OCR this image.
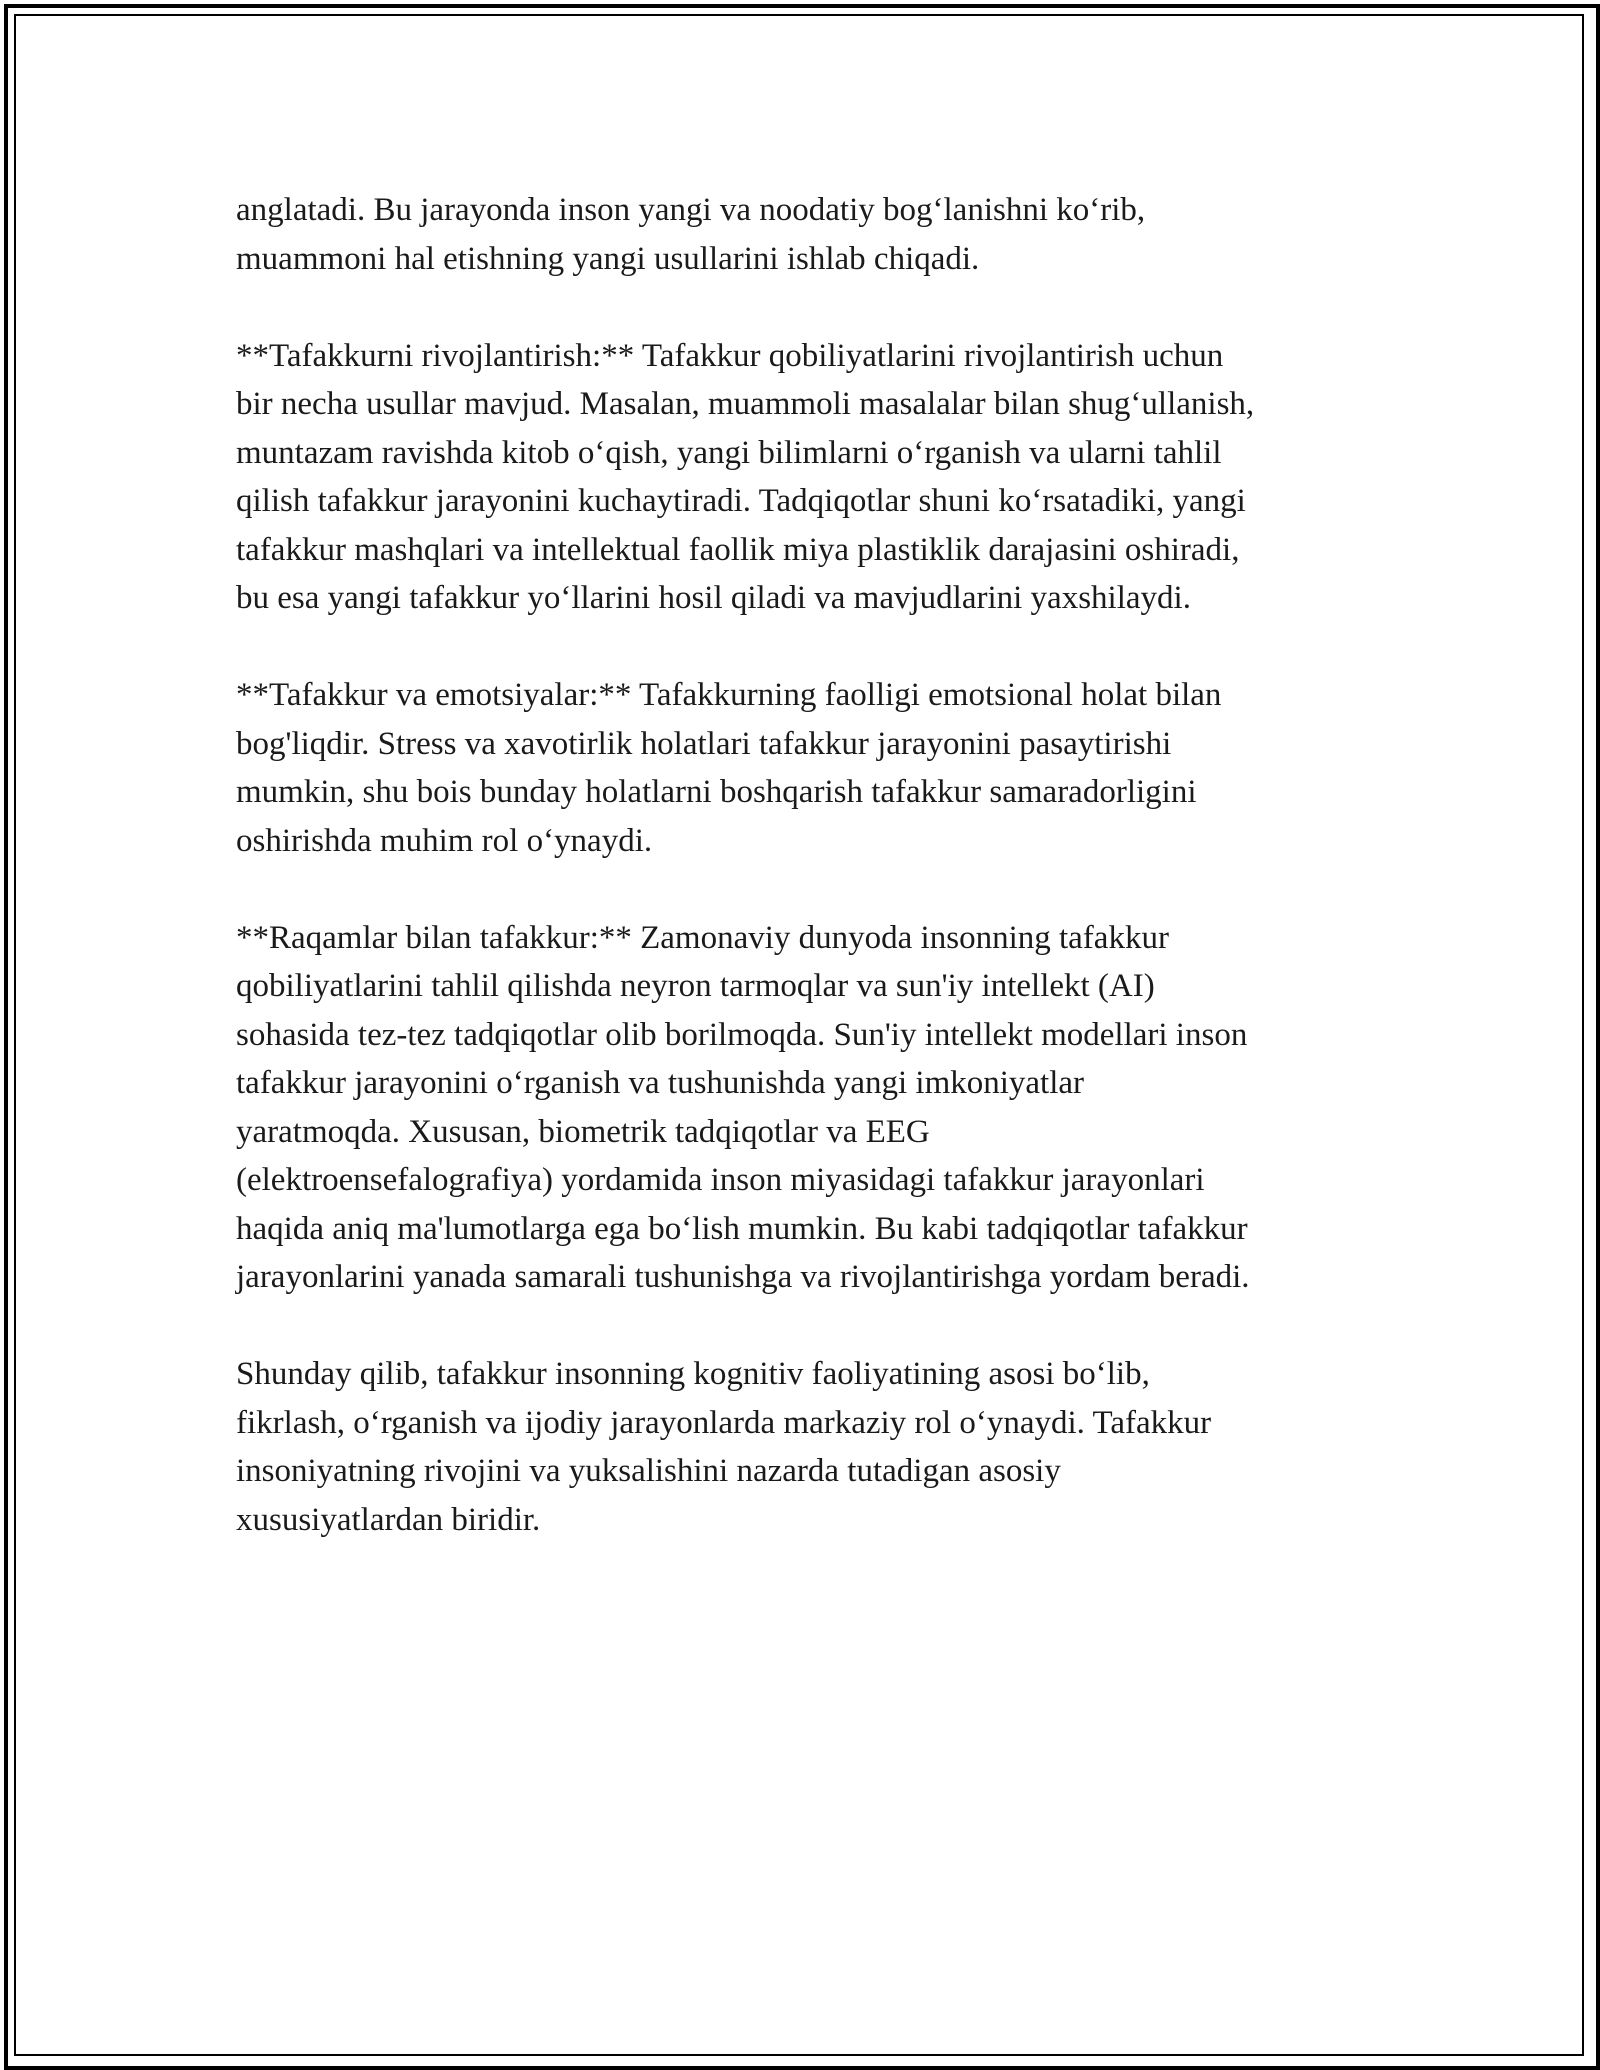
anglatadi. Bu jarayonda inson yangi va noodatiy bog‘lanishni ko‘rib,
muammoni hal etishning yangi usullarini ishlab chiqadi.

**Tafakkurni rivojlantirish:** Tafakkur qobiliyatlarini rivojlantirish uchun
bir necha usullar mavjud. Masalan, muammoli masalalar bilan shug‘ullanish,
muntazam ravishda kitob o‘qish, yangi bilimlarni o‘rganish va ularni tahlil
qilish tafakkur jarayonini kuchaytiradi. Tadqiqotlar shuni ko‘rsatadiki, yangi
tafakkur mashqlari va intellektual faollik miya plastiklik darajasini oshiradi,
bu esa yangi tafakkur yo‘llarini hosil qiladi va mavjudlarini yaxshilaydi.

**Tafakkur va emotsiyalar:** Tafakkurning faolligi emotsional holat bilan
bog'liqdir. Stress va xavotirlik holatlari tafakkur jarayonini pasaytirishi
mumkin, shu bois bunday holatlarni boshqarish tafakkur samaradorligini
oshirishda muhim rol o‘ynaydi.

**Raqamlar bilan tafakkur:** Zamonaviy dunyoda insonning tafakkur
qobiliyatlarini tahlil qilishda neyron tarmoqlar va sun'iy intellekt (AI)
sohasida tez-tez tadqiqotlar olib borilmoqda. Sun'iy intellekt modellari inson
tafakkur jarayonini o‘rganish va tushunishda yangi imkoniyatlar
yaratmoqda. Xususan, biometrik tadqiqotlar va EEG
(elektroensefalografiya) yordamida inson miyasidagi tafakkur jarayonlari
haqida aniq ma'lumotlarga ega bo‘lish mumkin. Bu kabi tadqiqotlar tafakkur
jarayonlarini yanada samarali tushunishga va rivojlantirishga yordam beradi.

Shunday qilib, tafakkur insonning kognitiv faoliyatining asosi bo‘lib,
fikrlash, o‘rganish va ijodiy jarayonlarda markaziy rol o‘ynaydi. Tafakkur
insoniyatning rivojini va yuksalishini nazarda tutadigan asosiy
xususiyatlardan biridir.
